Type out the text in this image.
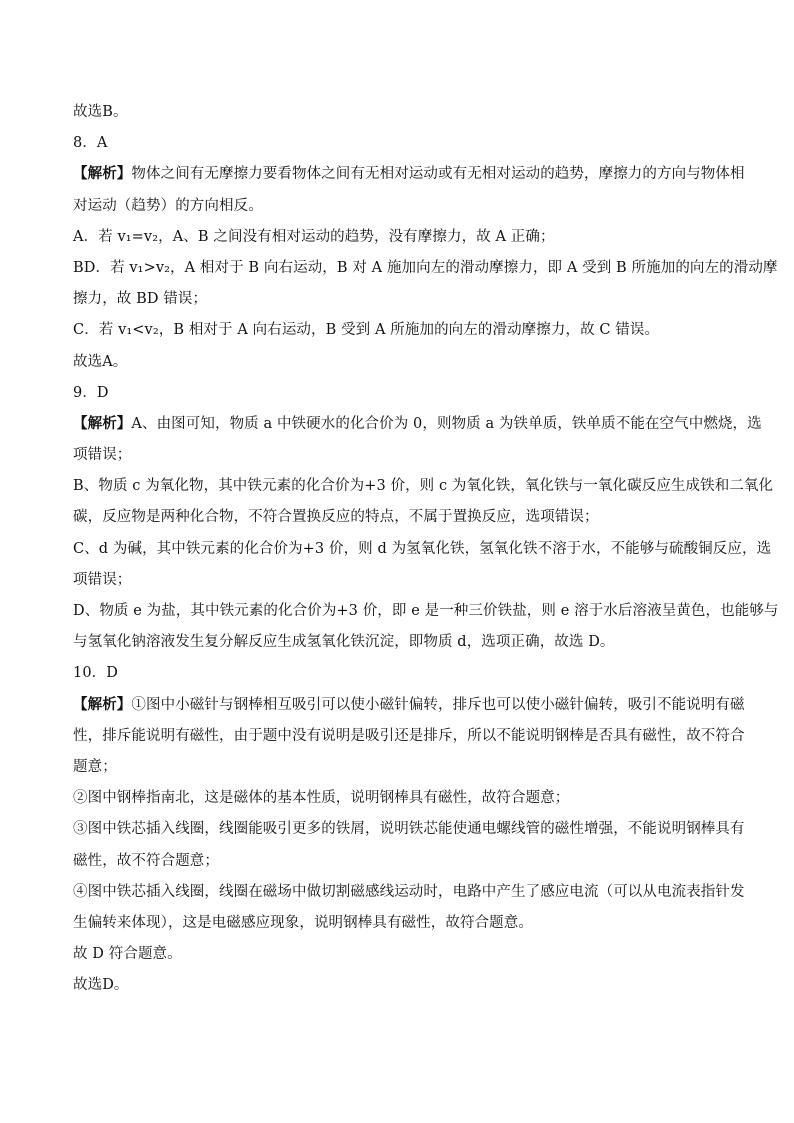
故选B。
8．A
【解析】物体之间有无摩擦力要看物体之间有无相对运动或有无相对运动的趋势，摩擦力的方向与物体相
对运动（趋势）的方向相反。
A．若 v₁=v₂，A、B 之间没有相对运动的趋势，没有摩擦力，故 A 正确；
BD．若 v₁>v₂，A 相对于 B 向右运动，B 对 A 施加向左的滑动摩擦力，即 A 受到 B 所施加的向左的滑动摩
擦力，故 BD 错误；
C．若 v₁<v₂，B 相对于 A 向右运动，B 受到 A 所施加的向左的滑动摩擦力，故 C 错误。
故选A。
9．D
【解析】A、由图可知，物质 a 中铁硬水的化合价为 0，则物质 a 为铁单质，铁单质不能在空气中燃烧，选
项错误；
B、物质 c 为氧化物，其中铁元素的化合价为+3 价，则 c 为氧化铁，氧化铁与一氧化碳反应生成铁和二氧化
碳，反应物是两种化合物，不符合置换反应的特点，不属于置换反应，选项错误；
C、d 为碱，其中铁元素的化合价为+3 价，则 d 为氢氧化铁，氢氧化铁不溶于水，不能够与硫酸铜反应，选
项错误；
D、物质 e 为盐，其中铁元素的化合价为+3 价，即 e 是一种三价铁盐，则 e 溶于水后溶液呈黄色，也能够与
与氢氧化钠溶液发生复分解反应生成氢氧化铁沉淀，即物质 d，选项正确，故选 D。
10．D
【解析】①图中小磁针与钢棒相互吸引可以使小磁针偏转，排斥也可以使小磁针偏转，吸引不能说明有磁
性，排斥能说明有磁性，由于题中没有说明是吸引还是排斥，所以不能说明钢棒是否具有磁性，故不符合
题意；
②图中钢棒指南北，这是磁体的基本性质，说明钢棒具有磁性，故符合题意；
③图中铁芯插入线圈，线圈能吸引更多的铁屑，说明铁芯能使通电螺线管的磁性增强，不能说明钢棒具有
磁性，故不符合题意；
④图中铁芯插入线圈，线圈在磁场中做切割磁感线运动时，电路中产生了感应电流（可以从电流表指针发
生偏转来体现），这是电磁感应现象，说明钢棒具有磁性，故符合题意。
故 D 符合题意。
故选D。
